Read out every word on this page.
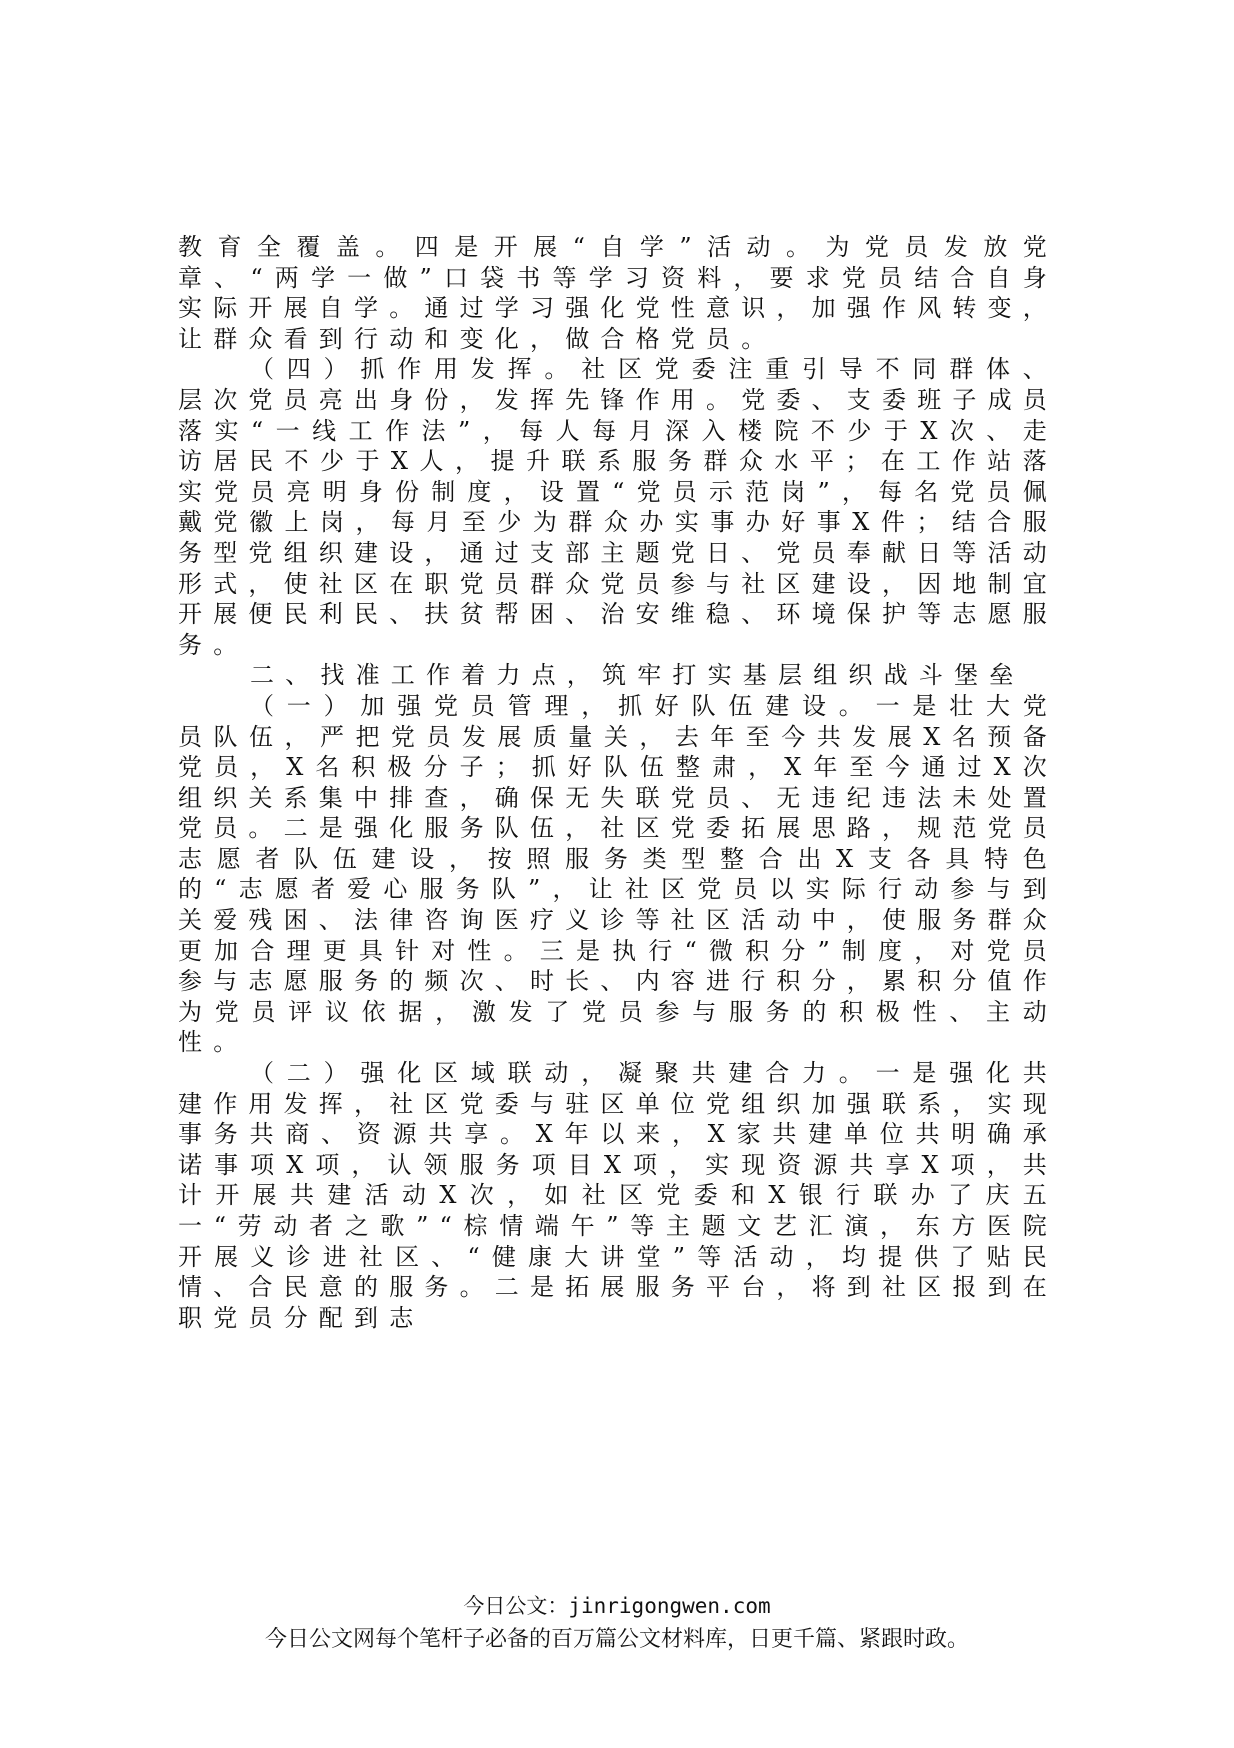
教育全覆盖。四是开展“自学”活动。为党员发放党章、“两学一做”口袋书等学习资料，要求党员结合自身实际开展自学。通过学习强化党性意识，加强作风转变，让群众看到行动和变化，做合格党员。

（四）抓作用发挥。社区党委注重引导不同群体、层次党员亮出身份，发挥先锋作用。党委、支委班子成员落实“一线工作法”，每人每月深入楼院不少于X次、走访居民不少于X人，提升联系服务群众水平；在工作站落实党员亮明身份制度，设置“党员示范岗”，每名党员佩戴党徽上岗，每月至少为群众办实事办好事X件；结合服务型党组织建设，通过支部主题党日、党员奉献日等活动形式，使社区在职党员群众党员参与社区建设，因地制宜开展便民利民、扶贫帮困、治安维稳、环境保护等志愿服务。

二、找准工作着力点，筑牢打实基层组织战斗堡垒

（一）加强党员管理，抓好队伍建设。一是壮大党员队伍，严把党员发展质量关，去年至今共发展X名预备党员，X名积极分子；抓好队伍整肃，X年至今通过X次组织关系集中排查，确保无失联党员、无违纪违法未处置党员。二是强化服务队伍，社区党委拓展思路，规范党员志愿者队伍建设，按照服务类型整合出X支各具特色的“志愿者爱心服务队”，让社区党员以实际行动参与到关爱残困、法律咨询医疗义诊等社区活动中，使服务群众更加合理更具针对性。三是执行“微积分”制度，对党员参与志愿服务的频次、时长、内容进行积分，累积分值作为党员评议依据，激发了党员参与服务的积极性、主动性。

（二）强化区域联动，凝聚共建合力。一是强化共建作用发挥，社区党委与驻区单位党组织加强联系，实现事务共商、资源共享。X年以来，X家共建单位共明确承诺事项X项，认领服务项目X项，实现资源共享X项，共计开展共建活动X次，如社区党委和X银行联办了庆五一“劳动者之歌”“棕情端午”等主题文艺汇演，东方医院开展义诊进社区、“健康大讲堂”等活动，均提供了贴民情、合民意的服务。二是拓展服务平台，将到社区报到在职党员分配到志

今日公文：jinrigongwen.com
今日公文网每个笔杆子必备的百万篇公文材料库，日更千篇、紧跟时政。
